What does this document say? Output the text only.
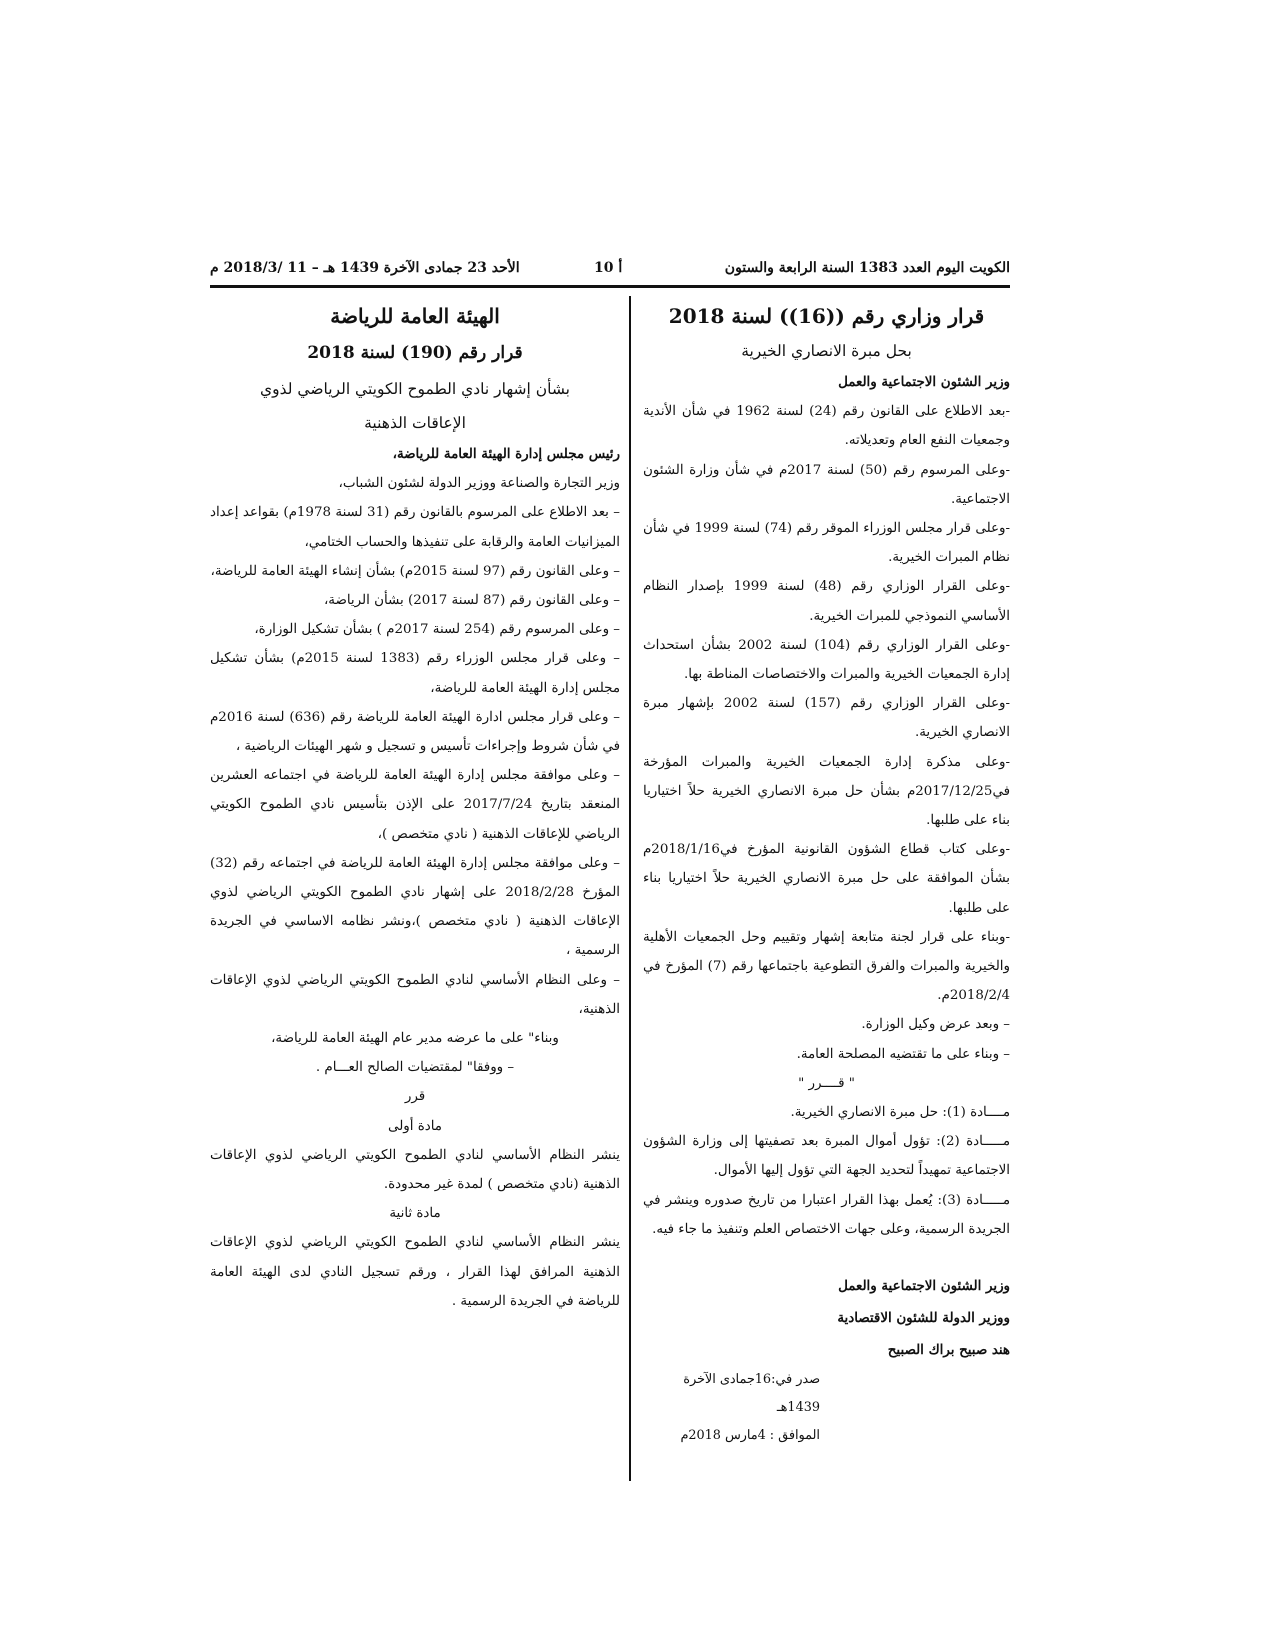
الكويت اليوم العدد 1383 السنة الرابعة والستون
أ 10
الأحد 23 جمادى الآخرة 1439 هـ – 11 /2018/3 م

قرار وزاري رقم ((16)) لسنة 2018

بحل مبرة الانصاري الخيرية

وزير الشئون الاجتماعية والعمل

-بعد الاطلاع على القانون رقم (24) لسنة 1962 في شأن الأندية وجمعيات النفع العام وتعديلاته.

-وعلى المرسوم رقم (50) لسنة 2017م في شأن وزارة الشئون الاجتماعية.

-وعلى قرار مجلس الوزراء الموقر رقم (74) لسنة 1999 في شأن نظام المبرات الخيرية.

-وعلى القرار الوزاري رقم (48) لسنة 1999 بإصدار النظام الأساسي النموذجي للمبرات الخيرية.

-وعلى القرار الوزاري رقم (104) لسنة 2002 بشأن استحداث إدارة الجمعيات الخيرية والمبرات والاختصاصات المناطة بها.

-وعلى القرار الوزاري رقم (157) لسنة 2002 بإشهار مبرة الانصاري الخيرية.

-وعلى مذكرة إدارة الجمعيات الخيرية والمبرات المؤرخة في2017/12/25م بشأن حل مبرة الانصاري الخيرية حلاً اختياريا بناء على طلبها.

-وعلى كتاب قطاع الشؤون القانونية المؤرخ في2018/1/16م بشأن الموافقة على حل مبرة الانصاري الخيرية حلاً اختياريا بناء على طلبها.

-وبناء على قرار لجنة متابعة إشهار وتقييم وحل الجمعيات الأهلية والخيرية والمبرات والفرق التطوعية باجتماعها رقم (7) المؤرخ في 2018/2/4م.

– وبعد عرض وكيل الوزارة.

– وبناء على ما تقتضيه المصلحة العامة.

" قــــرر "

مــــادة (1): حل مبرة الانصاري الخيرية.

مـــــادة (2): تؤول أموال المبرة بعد تصفيتها إلى وزارة الشؤون الاجتماعية تمهيداً لتحديد الجهة التي تؤول إليها الأموال.

مـــــادة (3): يُعمل بهذا القرار اعتبارا من تاريخ صدوره وينشر في الجريدة الرسمية، وعلى جهات الاختصاص العلم وتنفيذ ما جاء فيه.

وزير الشئون الاجتماعية والعمل

ووزير الدولة للشئون الاقتصادية

هند صبيح براك الصبيح

صدر في:16جمادى الآخرة 1439هـ

الموافق : 4مارس 2018م

الهيئة العامة للرياضة

قرار رقم (190) لسنة 2018

بشأن إشهار نادي الطموح الكويتي الرياضي لذوي

الإعاقات الذهنية

رئيس مجلس إدارة الهيئة العامة للرياضة،

وزير التجارة والصناعة ووزير الدولة لشئون الشباب،

– بعد الاطلاع على المرسوم بالقانون رقم (31 لسنة 1978م) بقواعد إعداد الميزانيات العامة والرقابة على تنفيذها والحساب الختامي،

– وعلى القانون رقم (97 لسنة 2015م) بشأن إنشاء الهيئة العامة للرياضة،

– وعلى القانون رقم (87 لسنة 2017) بشأن الرياضة،

– وعلى المرسوم رقم (254 لسنة 2017م ) بشأن تشكيل الوزارة،

– وعلى قرار مجلس الوزراء رقم (1383 لسنة 2015م) بشأن تشكيل مجلس إدارة الهيئة العامة للرياضة،

– وعلى قرار مجلس ادارة الهيئة العامة للرياضة رقم (636) لسنة 2016م في شأن شروط وإجراءات تأسيس و تسجيل و شهر الهيئات الرياضية ،

– وعلى موافقة مجلس إدارة الهيئة العامة للرياضة في اجتماعه العشرين المنعقد بتاريخ 2017/7/24 على الإذن بتأسيس نادي الطموح الكويتي الرياضي للإعاقات الذهنية ( نادي متخصص )،

– وعلى موافقة مجلس إدارة الهيئة العامة للرياضة في اجتماعه رقم (32) المؤرخ 2018/2/28 على إشهار نادي الطموح الكويتي الرياضي لذوي الإعاقات الذهنية ( نادي متخصص )،ونشر نظامه الاساسي في الجريدة الرسمية ،

– وعلى النظام الأساسي لنادي الطموح الكويتي الرياضي لذوي الإعاقات الذهنية،

وبناء" على ما عرضه مدير عام الهيئة العامة للرياضة،

– ووفقا" لمقتضيات الصالح العـــام .

قرر

مادة أولى

ينشر النظام الأساسي لنادي الطموح الكويتي الرياضي لذوي الإعاقات الذهنية (نادي متخصص ) لمدة غير محدودة.

مادة ثانية

ينشر النظام الأساسي لنادي الطموح الكويتي الرياضي لذوي الإعاقات الذهنية المرافق لهذا القرار ، ورقم تسجيل النادي لدى الهيئة العامة للرياضة في الجريدة الرسمية .
